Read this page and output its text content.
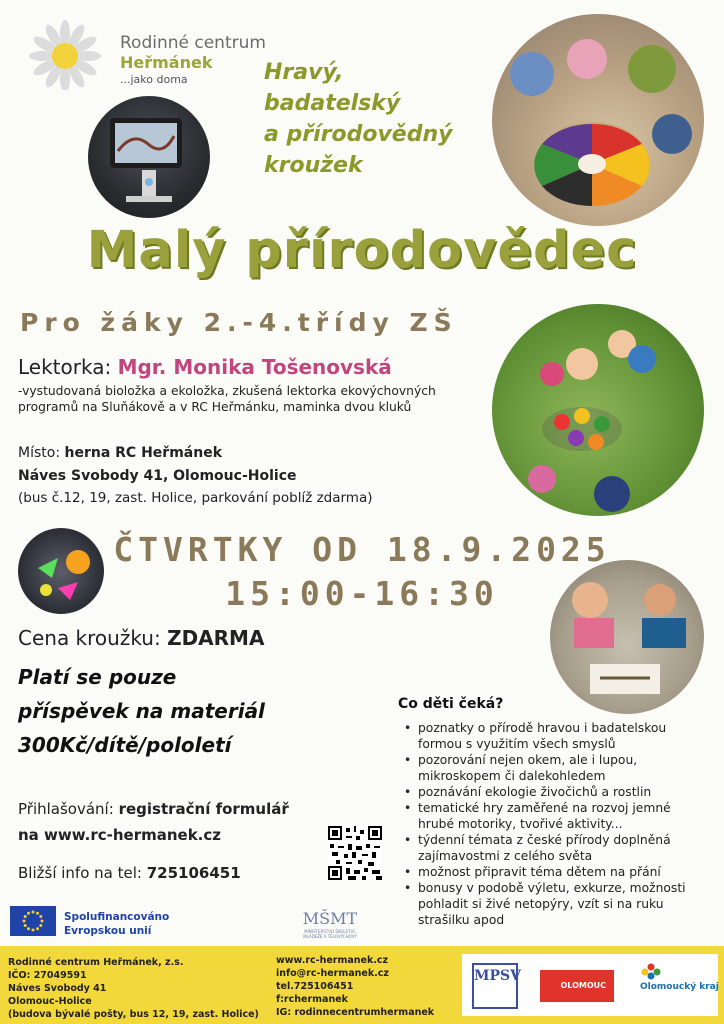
Rodinné centrum
Heřmánek
...jako doma	Hravý,
badatelský
a přírodovědný
kroužek
Malý přírodovědec
Pro žáky 2.-4.třídy ZŠ
Lektorka: Mgr. Monika Tošenovská
-vystudovaná bioložka a ekoložka, zkušená lektorka ekovýchovných
programů na Sluňákově a v RC Heřmánku, maminka dvou kluků
Místo: herna RC Heřmánek
Náves Svobody 41, Olomouc-Holice
(bus č.12, 19, zast. Holice, parkování poblíž zdarma)
ČTVRTKY OD 18.9.2025
15:00-16:30
Cena kroužku: ZDARMA
Platí se pouze
příspěvek na materiál
300Kč/dítě/pololetí
Přihlašování: registrační formulář
na www.rc-hermanek.cz
Bližší info na tel: 725106451
Co děti čeká?
• poznatky o přírodě hravou i badatelskou formou s využitím všech smyslů
• pozorování nejen okem, ale i lupou, mikroskopem či dalekohledem
• poznávání ekologie živočichů a rostlin
• tematické hry zaměřené na rozvoj jemné hrubé motoriky, tvořivé aktivity...
• týdenní témata z české přírody doplněná zajímavostmi z celého světa
• možnost připravit téma dětem na přání
• bonusy v podobě výletu, exkurze, možnosti pohladit si živé netopýry, vzít si na ruku strašilku apod
Spolufinancováno
Evropskou unií
MŠMT
MINISTERSTVO ŠKOLSTVÍ,
MLÁDEŽE A TĚLOVÝCHOVY
Rodinné centrum Heřmánek, z.s.
IČO: 27049591
Náves Svobody 41
Olomouc-Holice
(budova bývalé pošty, bus 12, 19, zast. Holice)
www.rc-hermanek.cz
info@rc-hermanek.cz
tel.725106451
f:rchermanek
IG: rodinnecentrumhermanek
MPSV
OLOMOUC	Olomoucký kraj
